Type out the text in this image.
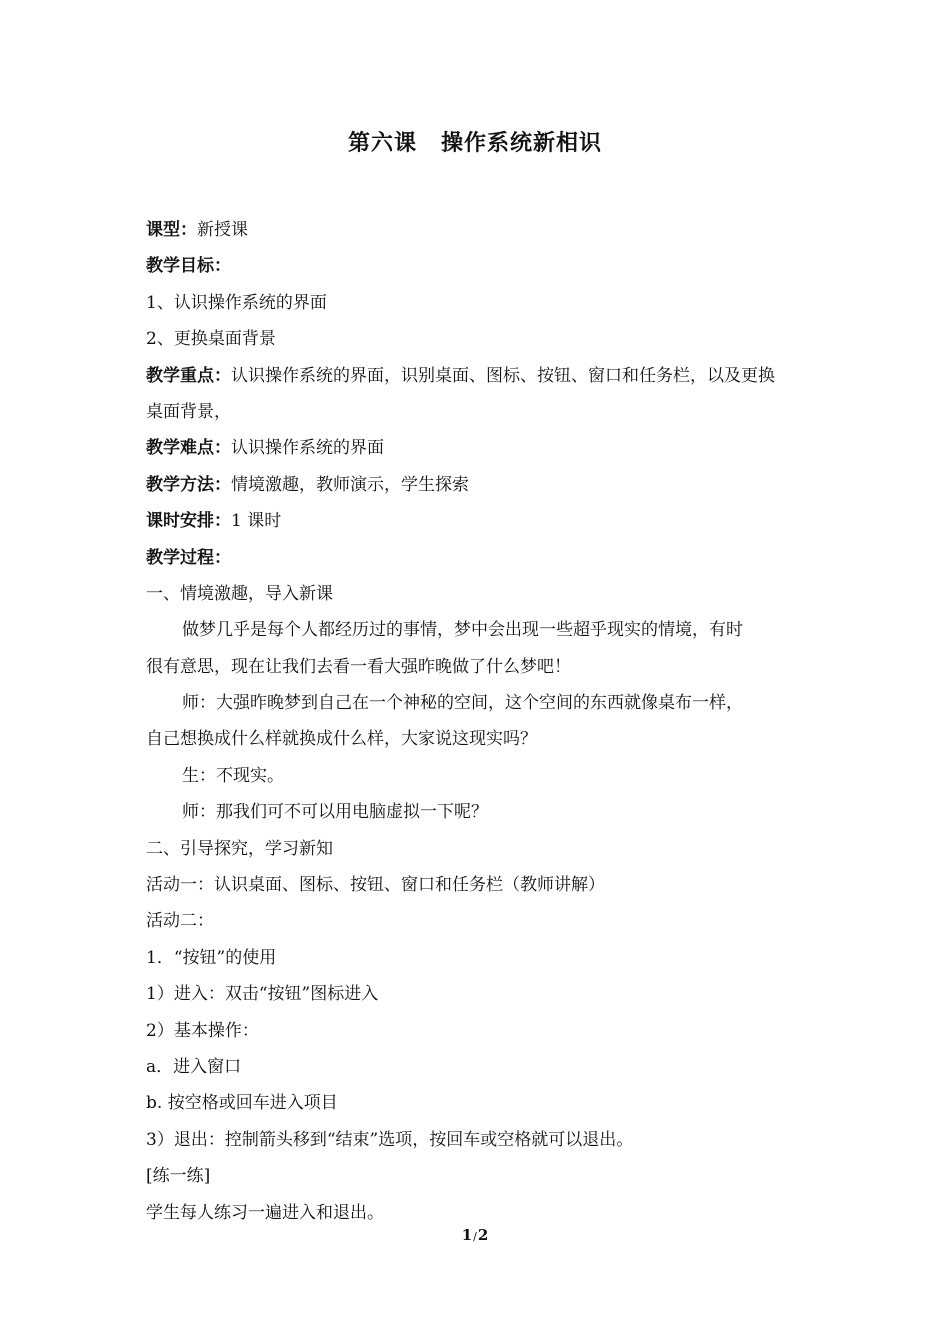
第六课 操作系统新相识
课型：新授课
教学目标：
1、认识操作系统的界面
2、更换桌面背景
教学重点：认识操作系统的界面，识别桌面、图标、按钮、窗口和任务栏，以及更换
桌面背景，
教学难点：认识操作系统的界面
教学方法：情境激趣，教师演示，学生探索
课时安排：1 课时
教学过程：
一、情境激趣，导入新课
做梦几乎是每个人都经历过的事情，梦中会出现一些超乎现实的情境，有时
很有意思，现在让我们去看一看大强昨晚做了什么梦吧！
师：大强昨晚梦到自己在一个神秘的空间，这个空间的东西就像桌布一样，
自己想换成什么样就换成什么样，大家说这现实吗？
生：不现实。
师：那我们可不可以用电脑虚拟一下呢？
二、引导探究，学习新知
活动一：认识桌面、图标、按钮、窗口和任务栏（教师讲解）
活动二：
1．“按钮”的使用
1）进入：双击“按钮”图标进入
2）基本操作：
a．进入窗口
b. 按空格或回车进入项目
3）退出：控制箭头移到“结束”选项，按回车或空格就可以退出。
[练一练]
学生每人练习一遍进入和退出。
1/2
